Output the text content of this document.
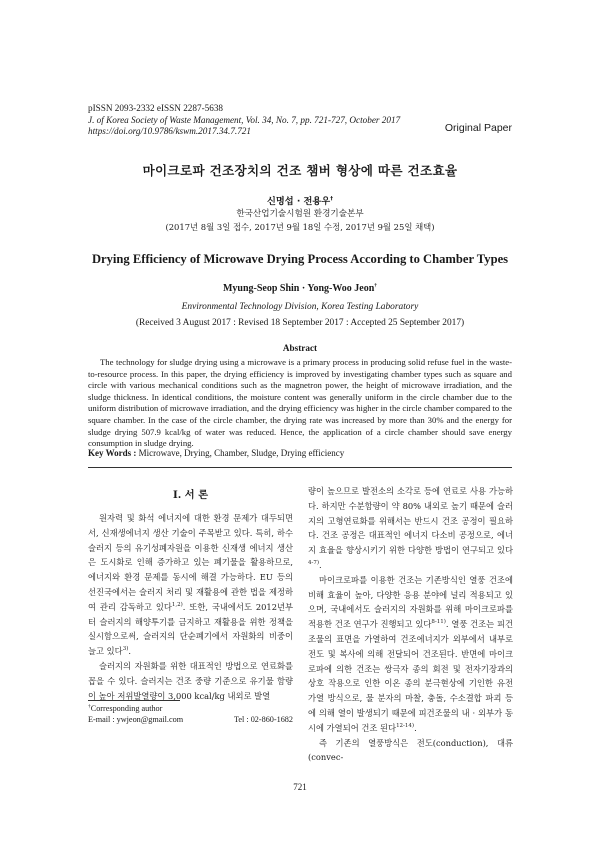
pISSN 2093-2332 eISSN 2287-5638
J. of Korea Society of Waste Management, Vol. 34, No. 7, pp. 721-727, October 2017
https://doi.org/10.9786/kswm.2017.34.7.721	Original Paper
마이크로파 건조장치의 건조 챔버 형상에 따른 건조효율
신명섭 · 전용우†
한국산업기술시험원 환경기술본부
(2017년 8월 3일 접수, 2017년 9월 18일 수정, 2017년 9월 25일 채택)
Drying Efficiency of Microwave Drying Process According to Chamber Types
Myung-Seop Shin · Yong-Woo Jeon†
Environmental Technology Division, Korea Testing Laboratory
(Received 3 August 2017 : Revised 18 September 2017 : Accepted 25 September 2017)
Abstract
The technology for sludge drying using a microwave is a primary process in producing solid refuse fuel in the waste-to-resource process. In this paper, the drying efficiency is improved by investigating chamber types such as square and circle with various mechanical conditions such as the magnetron power, the height of microwave irradiation, and the sludge thickness. In identical conditions, the moisture content was generally uniform in the circle chamber due to the uniform distribution of microwave irradiation, and the drying efficiency was higher in the circle chamber compared to the square chamber. In the case of the circle chamber, the drying rate was increased by more than 30% and the energy for sludge drying 507.9 kcal/kg of water was reduced. Hence, the application of a circle chamber should save energy consumption in sludge drying.
Key Words : Microwave, Drying, Chamber, Sludge, Drying efficiency
I. 서 론

원자력 및 화석 에너지에 대한 환경 문제가 대두되면서, 신재생에너지 생산 기술이 주목받고 있다. 특히, 하수슬러지 등의 유기성폐자원을 이용한 신재생 에너지 생산은 도시화로 인해 증가하고 있는 폐기물을 활용하므로, 에너지와 환경 문제를 동시에 해결 가능하다. EU 등의 선진국에서는 슬러지 처리 및 재활용에 관한 법을 제정하여 관리 감독하고 있다$^{1,2)}$. 또한, 국내에서도 2012년부터 슬러지의 해양투기를 금지하고 재활용을 위한 정책을 실시함으로써, 슬러지의 단순폐기에서 자원화의 비중이 늘고 있다$^{3)}$.

슬러지의 자원화를 위한 대표적인 방법으로 연료화를 꼽을 수 있다. 슬러지는 건조 중량 기준으로 유기물 함량이 높아 저위발열량이 3,000 kcal/kg 내외로 발열

량이 높으므로 발전소의 소각로 등에 연료로 사용 가능하다. 하지만 수분함량이 약 80% 내외로 높기 때문에 슬러지의 고형연료화를 위해서는 반드시 건조 공정이 필요하다. 건조 공정은 대표적인 에너지 다소비 공정으로, 에너지 효율을 향상시키기 위한 다양한 방법이 연구되고 있다$^{4-7)}$.

마이크로파를 이용한 건조는 기존방식인 열풍 건조에 비해 효율이 높아, 다양한 응용 분야에 널리 적용되고 있으며, 국내에서도 슬러지의 자원화를 위해 마이크로파를 적용한 건조 연구가 진행되고 있다$^{8-11)}$. 열풍 건조는 피건조물의 표면을 가열하여 건조에너지가 외부에서 내부로 전도 및 복사에 의해 전달되어 건조된다. 반면에 마이크로파에 의한 건조는 쌍극자 종의 회전 및 전자기장과의 상호 작용으로 인한 이온 종의 분극현상에 기인한 유전 가열 방식으로, 물 분자의 마찰, 충돌, 수소결합 파괴 등에 의해 열이 발생되기 때문에 피건조물의 내 · 외부가 동시에 가열되어 건조 된다$^{12-14)}$.

즉 기존의 열풍방식은 전도(conduction), 대류(convec-

†Corresponding author
E-mail : ywjeon@gmail.com	Tel : 02-860-1682
721
